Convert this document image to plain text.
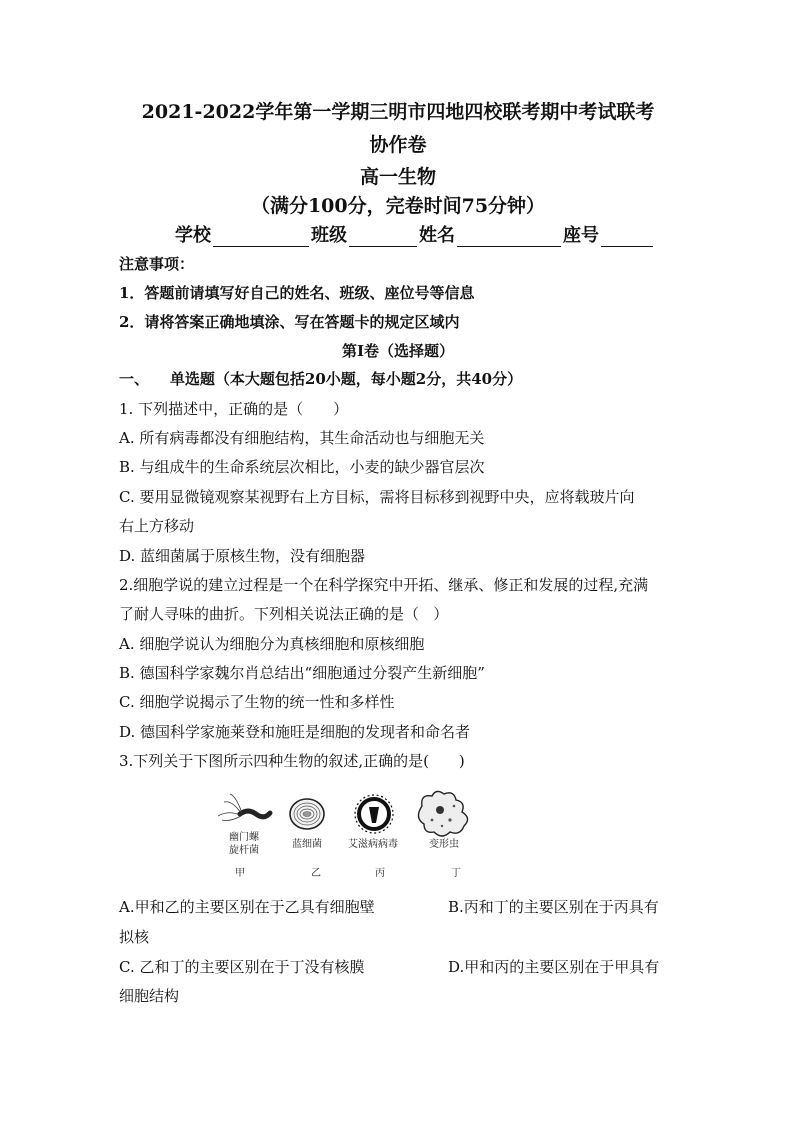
2021-2022学年第一学期三明市四地四校联考期中考试联考
协作卷
高一生物
（满分100分，完卷时间75分钟）
学校	班级	姓名	座号
注意事项：
1．答题前请填写好自己的姓名、班级、座位号等信息
2．请将答案正确地填涂、写在答题卡的规定区域内
第Ⅰ卷（选择题）
一、    单选题（本大题包括20小题，每小题2分，共40分）
1. 下列描述中，正确的是（　　）
A. 所有病毒都没有细胞结构，其生命活动也与细胞无关
B. 与组成牛的生命系统层次相比，小麦的缺少器官层次
C. 要用显微镜观察某视野右上方目标，需将目标移到视野中央，应将载玻片向
右上方移动
D. 蓝细菌属于原核生物，没有细胞器
2.细胞学说的建立过程是一个在科学探究中开拓、继承、修正和发展的过程,充满
了耐人寻味的曲折。下列相关说法正确的是（   ）
A. 细胞学说认为细胞分为真核细胞和原核细胞
B. 德国科学家魏尔肖总结出“细胞通过分裂产生新细胞”
C. 细胞学说揭示了生物的统一性和多样性
D. 德国科学家施莱登和施旺是细胞的发现者和命名者
3.下列关于下图所示四种生物的叙述,正确的是(　　)
幽门螺
旋杆菌
蓝细菌	艾滋病病毒	变形虫
甲	乙	丙	丁
A.甲和乙的主要区别在于乙具有细胞壁	B.丙和丁的主要区别在于丙具有
拟核
C. 乙和丁的主要区别在于丁没有核膜	D.甲和丙的主要区别在于甲具有
细胞结构
